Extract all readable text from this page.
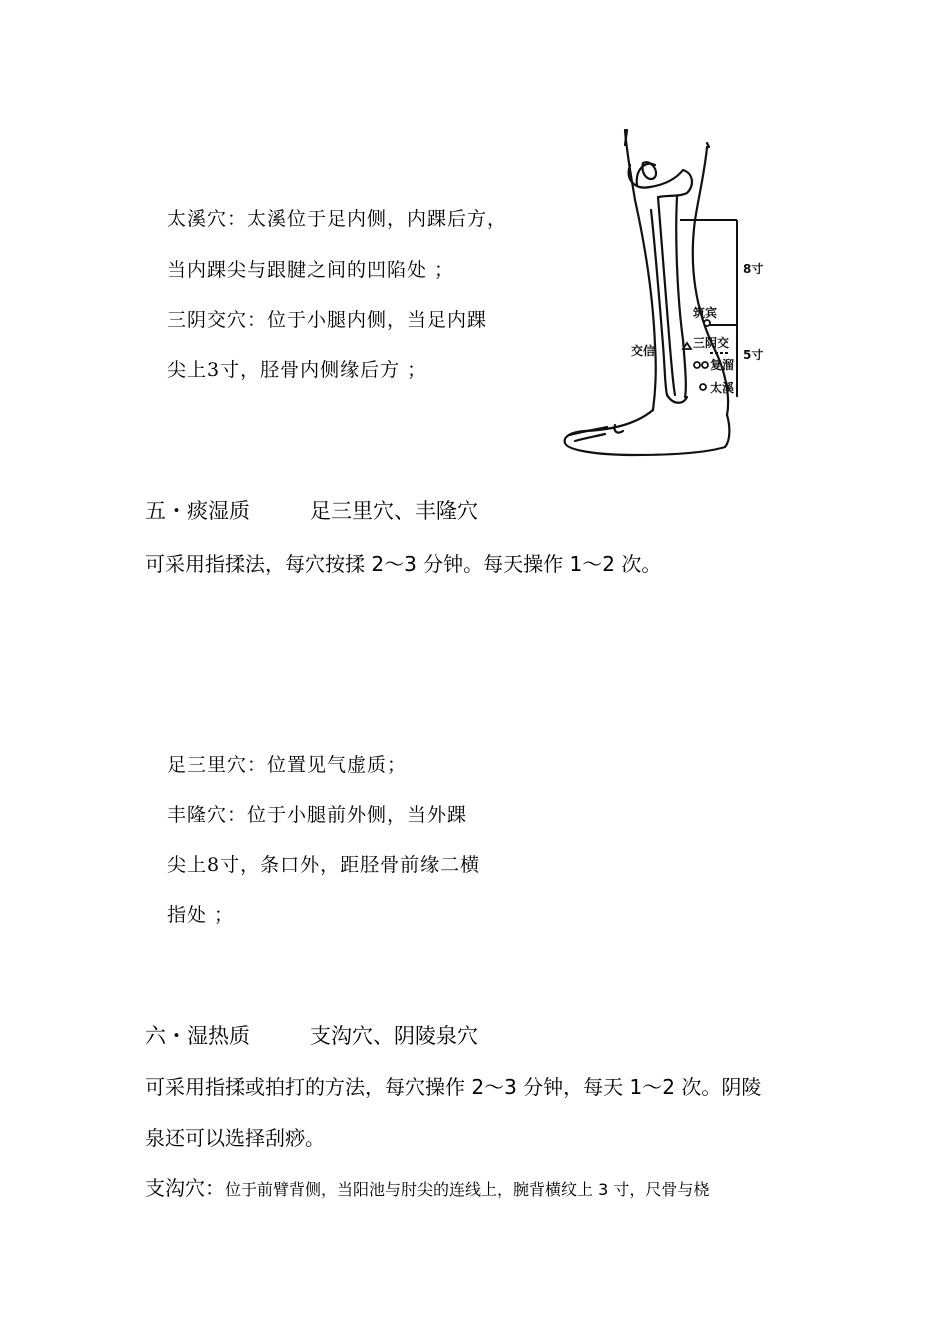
太溪穴：太溪位于足内侧，内踝后方，
当内踝尖与跟腱之间的凹陷处 ；
三阴交穴：位于小腿内侧，当足内踝
尖上3寸，胫骨内侧缘后方 ；
筑宾
三阴交
复溜
太溪
交信
8寸
5寸
五・痰湿质	足三里穴、丰隆穴
可采用指揉法，每穴按揉 2～3 分钟。每天操作 1～2 次。
足三里穴：位置见气虚质；
丰隆穴：位于小腿前外侧，当外踝
尖上8寸，条口外，距胫骨前缘二横
指处 ；
六・湿热质	支沟穴、阴陵泉穴
可采用指揉或拍打的方法，每穴操作 2～3 分钟，每天 1～2 次。阴陵
泉还可以选择刮痧。
支沟穴：位于前臂背侧，当阳池与肘尖的连线上，腕背横纹上 3 寸，尺骨与桡
